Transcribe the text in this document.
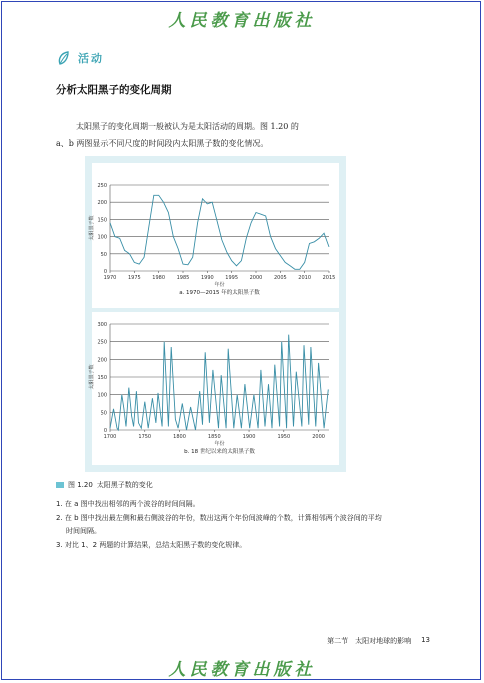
人民教育出版社
活动
分析太阳黑子的变化周期
太阳黑子的变化周期一般被认为是太阳活动的周期。图 1.20 的
a、b 两图显示不同尺度的时间段内太阳黑子数的变化情况。
0
50
100
150
200
250
1970 1975 1980 1985 1990 1995 2000 2005 2010 2015
太阳黑子数
年份
a. 1970—2015 年的太阳黑子数
0
50
100
150
200
250
300
1700	1750	1800	1850	1900	1950	2000
太阳黑子数
年份
b. 18 世纪以来的太阳黑子数
图 1.20 太阳黑子数的变化
1. 在 a 图中找出相邻的两个波谷的时间间隔。
2. 在 b 图中找出最左侧和最右侧波谷的年份，数出这两个年份间波峰的个数，计算相邻两个波谷间的平均
时间间隔。
3. 对比 1、2 两题的计算结果，总结太阳黑子数的变化规律。
第二节　太阳对地球的影响 13
人民教育出版社
